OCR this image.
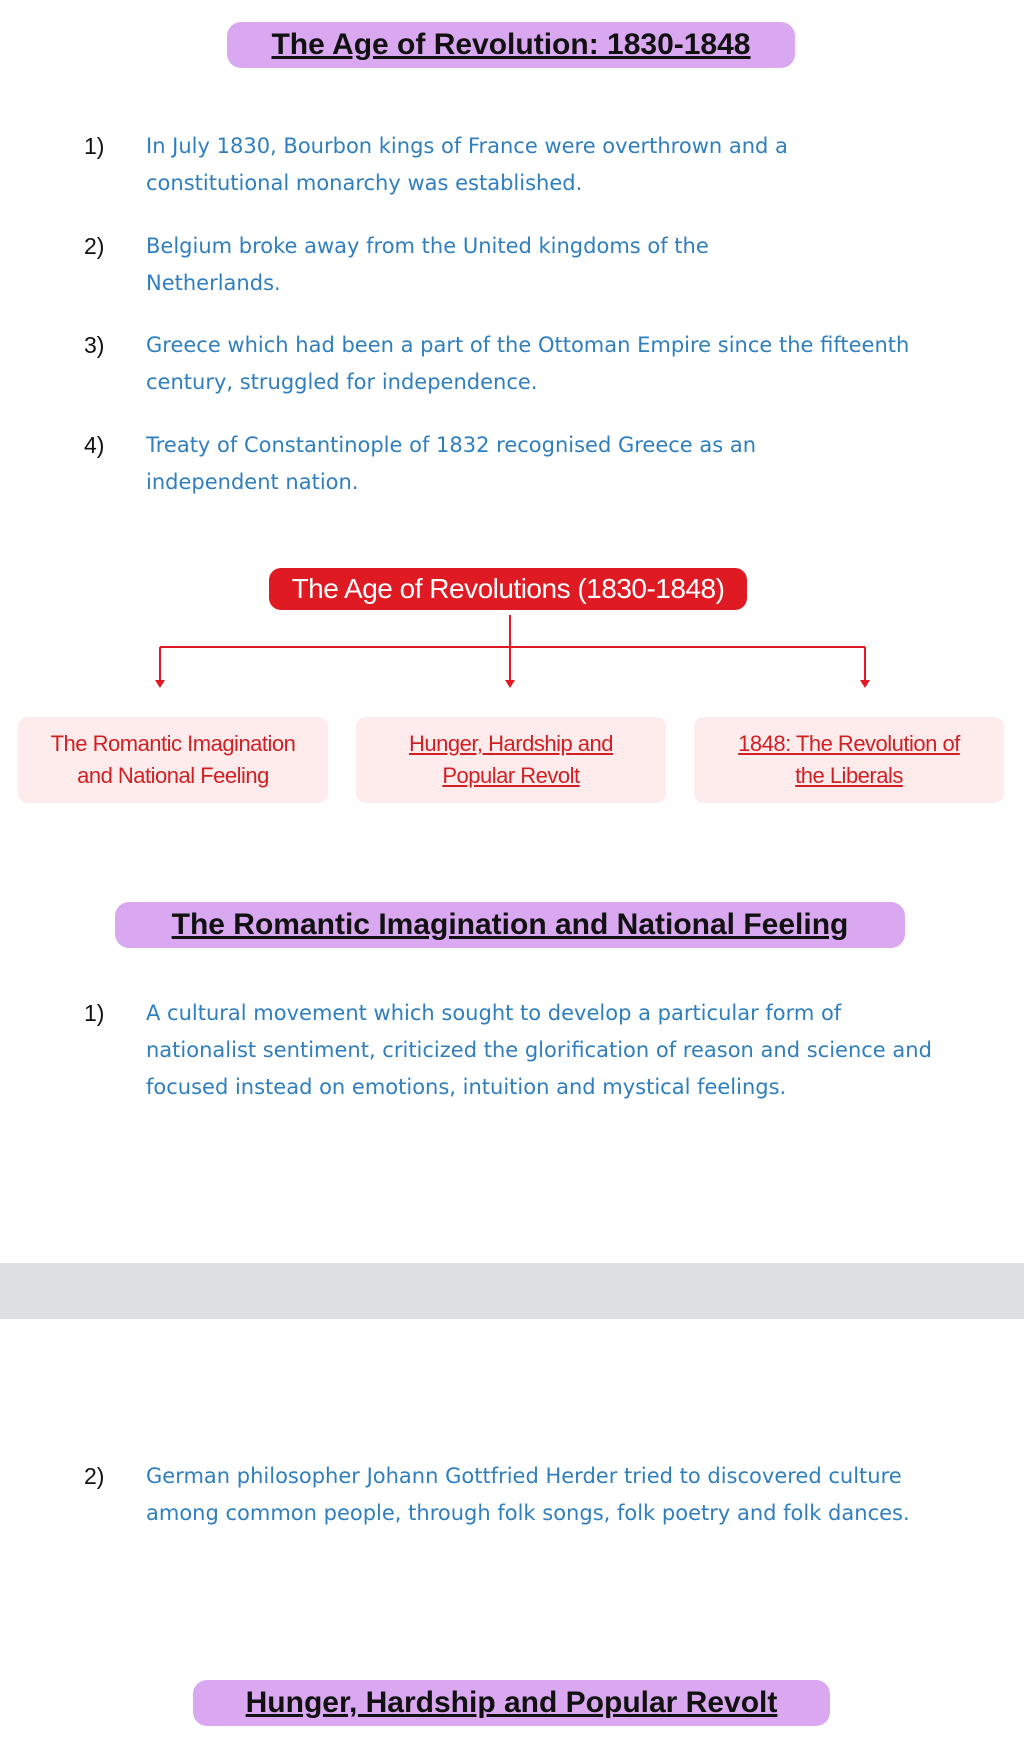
The Age of Revolution: 1830-1848
1) In July 1830, Bourbon kings of France were overthrown and a constitutional monarchy was established.
2) Belgium broke away from the United kingdoms of the Netherlands.
3) Greece which had been a part of the Ottoman Empire since the fifteenth century, struggled for independence.
4) Treaty of Constantinople of 1832 recognised Greece as an independent nation.
The Age of Revolutions (1830-1848)
The Romantic Imagination and National Feeling
Hunger, Hardship and Popular Revolt
1848: The Revolution of the Liberals
The Romantic Imagination and National Feeling
1) A cultural movement which sought to develop a particular form of nationalist sentiment, criticized the glorification of reason and science and focused instead on emotions, intuition and mystical feelings.
2) German philosopher Johann Gottfried Herder tried to discovered culture among common people, through folk songs, folk poetry and folk dances.
Hunger, Hardship and Popular Revolt
